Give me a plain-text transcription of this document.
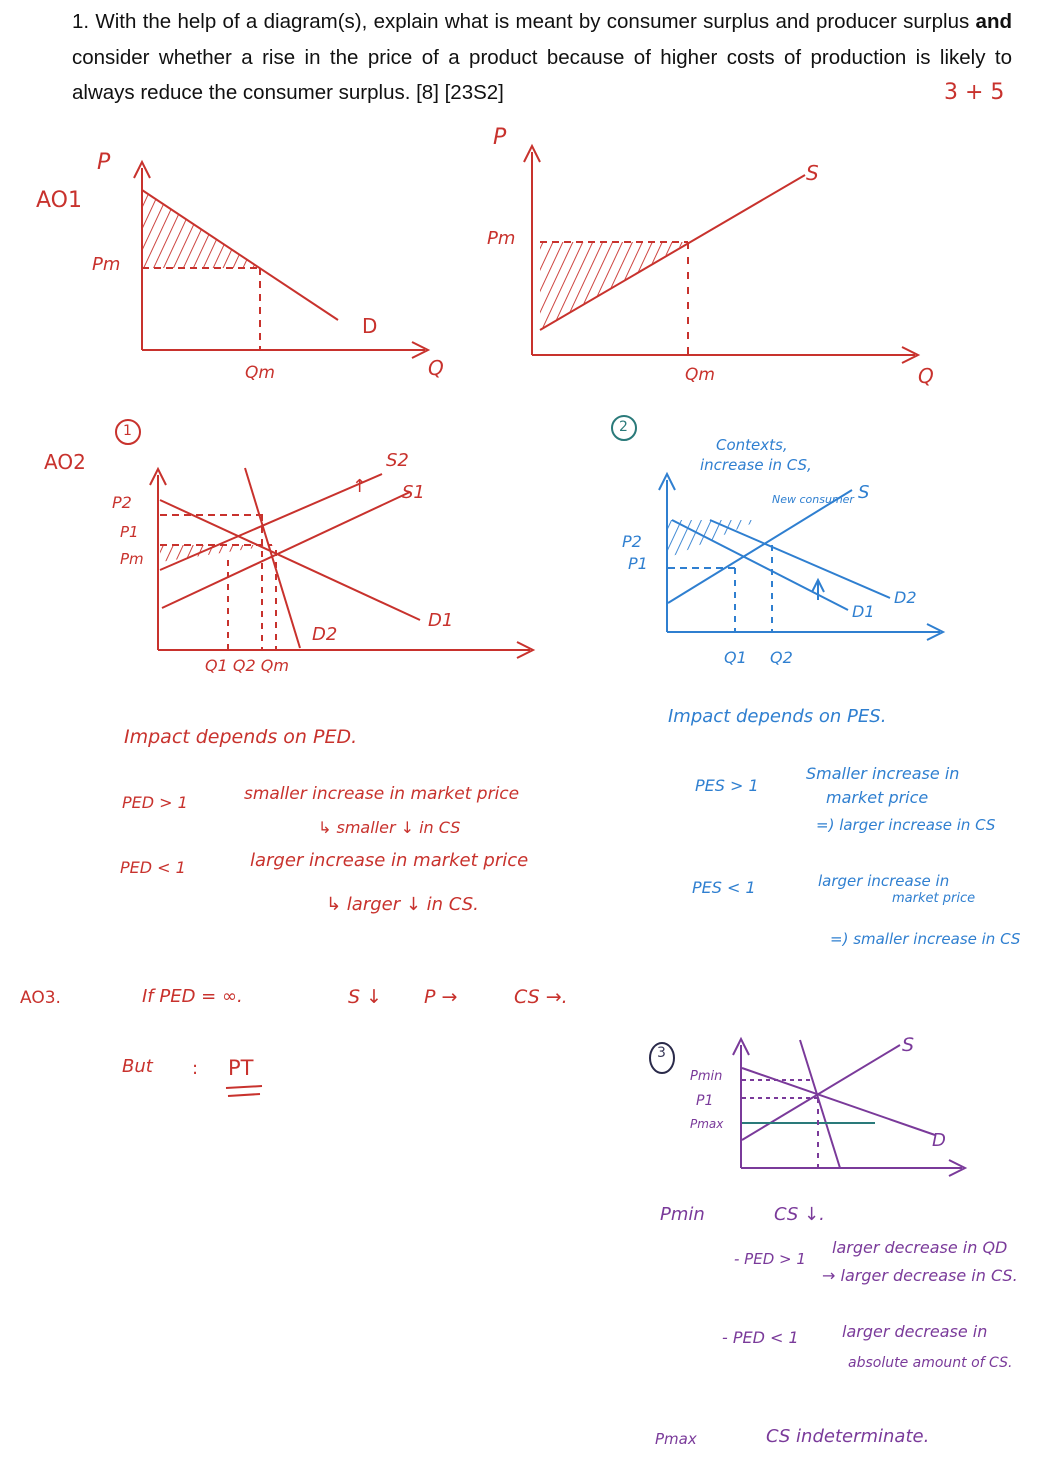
1. With the help of a diagram(s), explain what is meant by consumer surplus and producer surplus and consider whether a rise in the price of a product because of higher costs of production is likely to always reduce the consumer surplus. [8] [23S2]	3 + 5
AO1
P
Pm
D
Qm	Q
P
Pm
S
Qm	Q
AO2
1
P2
P1
Pm
S2
S1
↑
D1
D2
Q1 Q2 Qm
2
Contexts,
increase in CS,
New consumer S
P2
P1
D1
D2
Q1 Q2
Impact depends on PED.
PED > 1	smaller increase in market price
↳ smaller ↓ in CS
PED < 1	larger increase in market price
↳ larger ↓ in CS.
Impact depends on PES.
PES > 1
Smaller increase in
market price
=) larger increase in CS
PES < 1	larger increase in
market price
=) smaller increase in CS
AO3.	If PED = ∞.	S ↓ P →	CS →.
But : PT
3
Pmin
P1
Pmax
S
D
Pmin	CS ↓.
- PED > 1
larger decrease in QD
→ larger decrease in CS.
- PED < 1	larger decrease in
absolute amount of CS.
Pmax	CS indeterminate.
